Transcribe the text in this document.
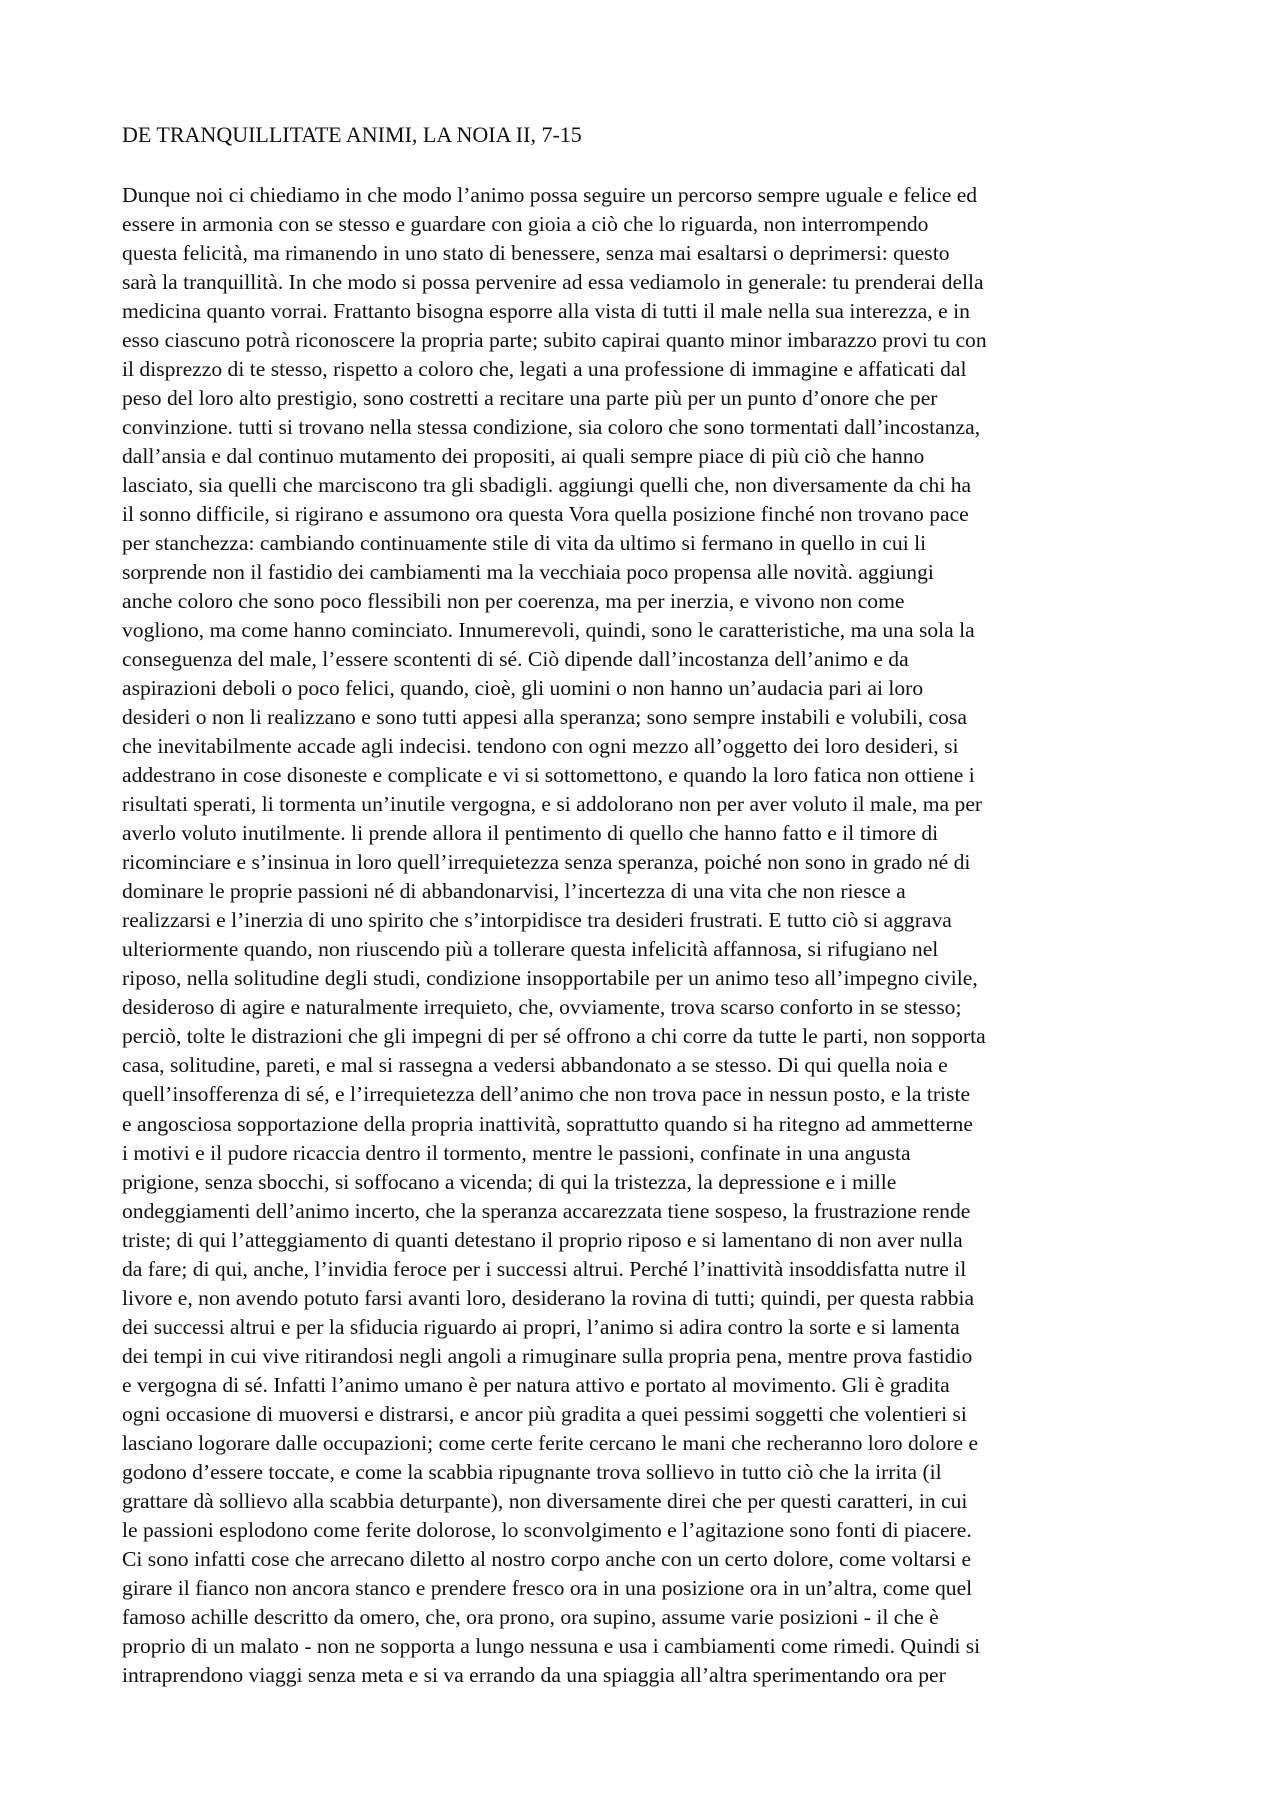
DE TRANQUILLITATE ANIMI, LA NOIA II, 7-15
Dunque noi ci chiediamo in che modo l’animo possa seguire un percorso sempre uguale e felice ed
essere in armonia con se stesso e guardare con gioia a ciò che lo riguarda, non interrompendo
questa felicità, ma rimanendo in uno stato di benessere, senza mai esaltarsi o deprimersi: questo
sarà la tranquillità. In che modo si possa pervenire ad essa vediamolo in generale: tu prenderai della
medicina quanto vorrai. Frattanto bisogna esporre alla vista di tutti il male nella sua interezza, e in
esso ciascuno potrà riconoscere la propria parte; subito capirai quanto minor imbarazzo provi tu con
il disprezzo di te stesso, rispetto a coloro che, legati a una professione di immagine e affaticati dal
peso del loro alto prestigio, sono costretti a recitare una parte più per un punto d’onore che per
convinzione. tutti si trovano nella stessa condizione, sia coloro che sono tormentati dall’incostanza,
dall’ansia e dal continuo mutamento dei propositi, ai quali sempre piace di più ciò che hanno
lasciato, sia quelli che marciscono tra gli sbadigli. aggiungi quelli che, non diversamente da chi ha
il sonno difficile, si rigirano e assumono ora questa Vora quella posizione finché non trovano pace
per stanchezza: cambiando continuamente stile di vita da ultimo si fermano in quello in cui li
sorprende non il fastidio dei cambiamenti ma la vecchiaia poco propensa alle novità. aggiungi
anche coloro che sono poco flessibili non per coerenza, ma per inerzia, e vivono non come
vogliono, ma come hanno cominciato. Innumerevoli, quindi, sono le caratteristiche, ma una sola la
conseguenza del male, l’essere scontenti di sé. Ciò dipende dall’incostanza dell’animo e da
aspirazioni deboli o poco felici, quando, cioè, gli uomini o non hanno un’audacia pari ai loro
desideri o non li realizzano e sono tutti appesi alla speranza; sono sempre instabili e volubili, cosa
che inevitabilmente accade agli indecisi. tendono con ogni mezzo all’oggetto dei loro desideri, si
addestrano in cose disoneste e complicate e vi si sottomettono, e quando la loro fatica non ottiene i
risultati sperati, li tormenta un’inutile vergogna, e si addolorano non per aver voluto il male, ma per
averlo voluto inutilmente. li prende allora il pentimento di quello che hanno fatto e il timore di
ricominciare e s’insinua in loro quell’irrequietezza senza speranza, poiché non sono in grado né di
dominare le proprie passioni né di abbandonarvisi, l’incertezza di una vita che non riesce a
realizzarsi e l’inerzia di uno spirito che s’intorpidisce tra desideri frustrati. E tutto ciò si aggrava
ulteriormente quando, non riuscendo più a tollerare questa infelicità affannosa, si rifugiano nel
riposo, nella solitudine degli studi, condizione insopportabile per un animo teso all’impegno civile,
desideroso di agire e naturalmente irrequieto, che, ovviamente, trova scarso conforto in se stesso;
perciò, tolte le distrazioni che gli impegni di per sé offrono a chi corre da tutte le parti, non sopporta
casa, solitudine, pareti, e mal si rassegna a vedersi abbandonato a se stesso. Di qui quella noia e
quell’insofferenza di sé, e l’irrequietezza dell’animo che non trova pace in nessun posto, e la triste
e angosciosa sopportazione della propria inattività, soprattutto quando si ha ritegno ad ammetterne
i motivi e il pudore ricaccia dentro il tormento, mentre le passioni, confinate in una angusta
prigione, senza sbocchi, si soffocano a vicenda; di qui la tristezza, la depressione e i mille
ondeggiamenti dell’animo incerto, che la speranza accarezzata tiene sospeso, la frustrazione rende
triste; di qui l’atteggiamento di quanti detestano il proprio riposo e si lamentano di non aver nulla
da fare; di qui, anche, l’invidia feroce per i successi altrui. Perché l’inattività insoddisfatta nutre il
livore e, non avendo potuto farsi avanti loro, desiderano la rovina di tutti; quindi, per questa rabbia
dei successi altrui e per la sfiducia riguardo ai propri, l’animo si adira contro la sorte e si lamenta
dei tempi in cui vive ritirandosi negli angoli a rimuginare sulla propria pena, mentre prova fastidio
e vergogna di sé. Infatti l’animo umano è per natura attivo e portato al movimento. Gli è gradita
ogni occasione di muoversi e distrarsi, e ancor più gradita a quei pessimi soggetti che volentieri si
lasciano logorare dalle occupazioni; come certe ferite cercano le mani che recheranno loro dolore e
godono d’essere toccate, e come la scabbia ripugnante trova sollievo in tutto ciò che la irrita (il
grattare dà sollievo alla scabbia deturpante), non diversamente direi che per questi caratteri, in cui
le passioni esplodono come ferite dolorose, lo sconvolgimento e l’agitazione sono fonti di piacere.
Ci sono infatti cose che arrecano diletto al nostro corpo anche con un certo dolore, come voltarsi e
girare il fianco non ancora stanco e prendere fresco ora in una posizione ora in un’altra, come quel
famoso achille descritto da omero, che, ora prono, ora supino, assume varie posizioni - il che è
proprio di un malato - non ne sopporta a lungo nessuna e usa i cambiamenti come rimedi. Quindi si
intraprendono viaggi senza meta e si va errando da una spiaggia all’altra sperimentando ora per
